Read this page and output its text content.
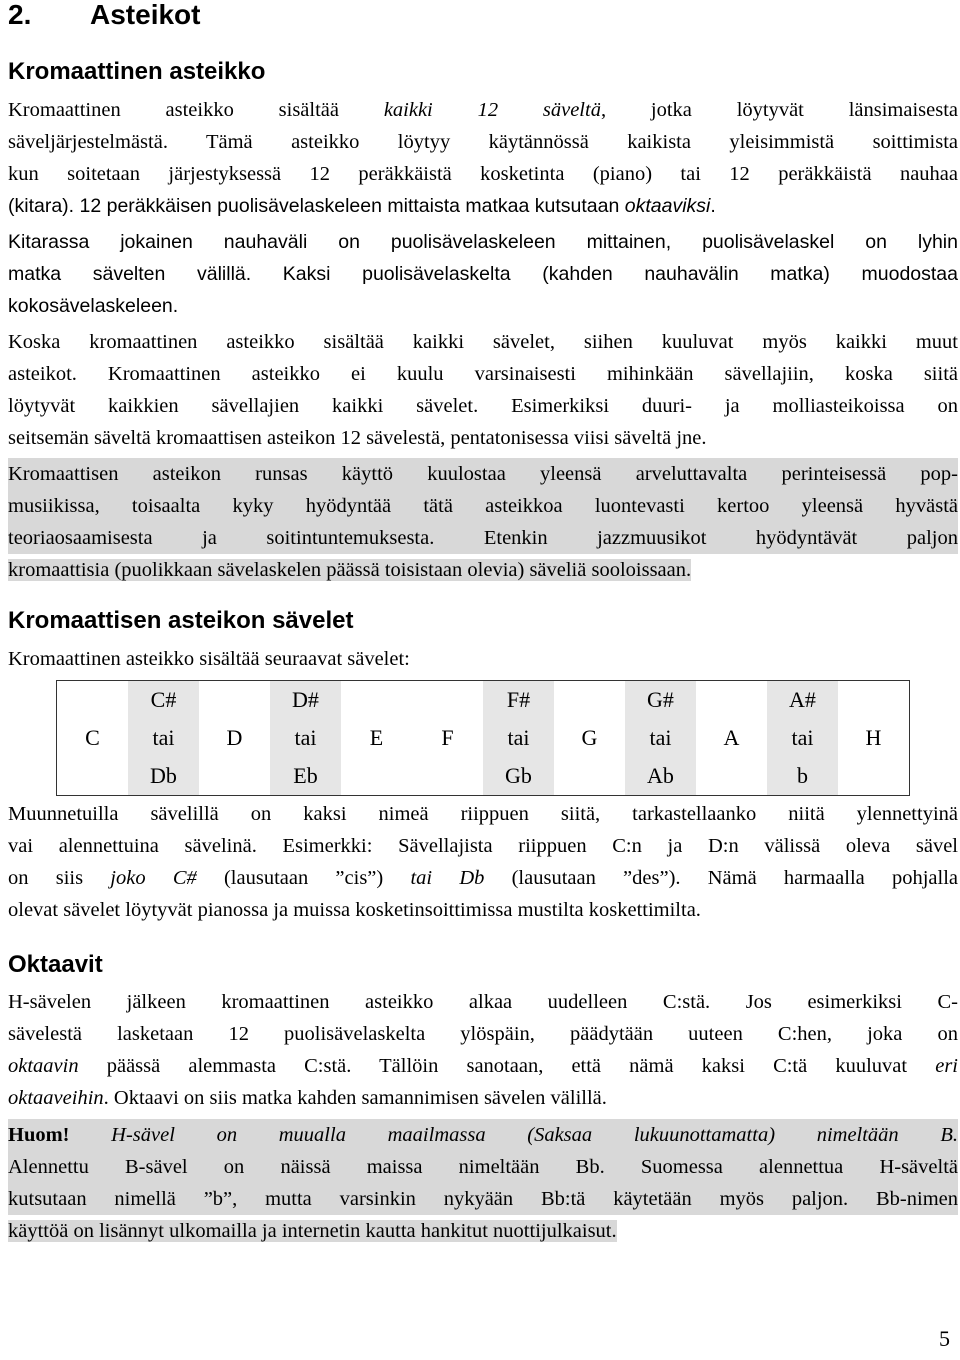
2. Asteikot
Kromaattinen asteikko
Kromaattinen asteikko sisältää kaikki 12 säveltä, jotka löytyvät länsimaisesta
säveljärjestelmästä. Tämä asteikko löytyy käytännössä kaikista yleisimmistä soittimista
kun soitetaan järjestyksessä 12 peräkkäistä kosketinta (piano) tai 12 peräkkäistä nauhaa
(kitara). 12 peräkkäisen puolisävelaskeleen mittaista matkaa kutsutaan oktaaviksi.
Kitarassa jokainen nauhaväli on puolisävelaskeleen mittainen, puolisävelaskel on lyhin
matka sävelten välillä. Kaksi puolisävelaskelta (kahden nauhavälin matka) muodostaa
kokosävelaskeleen.
Koska kromaattinen asteikko sisältää kaikki sävelet, siihen kuuluvat myös kaikki muut
asteikot. Kromaattinen asteikko ei kuulu varsinaisesti mihinkään sävellajiin, koska siitä
löytyvät kaikkien sävellajien kaikki sävelet. Esimerkiksi duuri- ja molliasteikoissa on
seitsemän säveltä kromaattisen asteikon 12 sävelestä, pentatonisessa viisi säveltä jne.
Kromaattisen asteikon runsas käyttö kuulostaa yleensä arveluttavalta perinteisessä pop-
musiikissa, toisaalta kyky hyödyntää tätä asteikkoa luontevasti kertoo yleensä hyvästä
teoriaosaamisesta ja soitintuntemuksesta. Etenkin jazzmuusikot hyödyntävät paljon
kromaattisia (puolikkaan sävelaskelen päässä toisistaan olevia) säveliä sooloissaan.
Kromaattisen asteikon sävelet
Kromaattinen asteikko sisältää seuraavat sävelet:
C	C#	D	D#	E	F	F#	G	G#	A	A#	H
	tai		tai			tai		tai		tai	
	Db		Eb			Gb		Ab		b	
Muunnetuilla sävelillä on kaksi nimeä riippuen siitä, tarkastellaanko niitä ylennettyinä
vai alennettuina sävelinä. Esimerkki: Sävellajista riippuen C:n ja D:n välissä oleva sävel
on siis joko C# (lausutaan ”cis”) tai Db (lausutaan ”des”). Nämä harmaalla pohjalla
olevat sävelet löytyvät pianossa ja muissa kosketinsoittimissa mustilta koskettimilta.
Oktaavit
H-sävelen jälkeen kromaattinen asteikko alkaa uudelleen C:stä. Jos esimerkiksi C-
sävelestä lasketaan 12 puolisävelaskelta ylöspäin, päädytään uuteen C:hen, joka on
oktaavin päässä alemmasta C:stä. Tällöin sanotaan, että nämä kaksi C:tä kuuluvat eri
oktaaveihin. Oktaavi on siis matka kahden samannimisen sävelen välillä.
Huom! H-sävel on muualla maailmassa (Saksaa lukuunottamatta) nimeltään B.
Alennettu B-sävel on näissä maissa nimeltään Bb. Suomessa alennettua H-säveltä
kutsutaan nimellä ”b”, mutta varsinkin nykyään Bb:tä käytetään myös paljon. Bb-nimen
käyttöä on lisännyt ulkomailla ja internetin kautta hankitut nuottijulkaisut.
5
